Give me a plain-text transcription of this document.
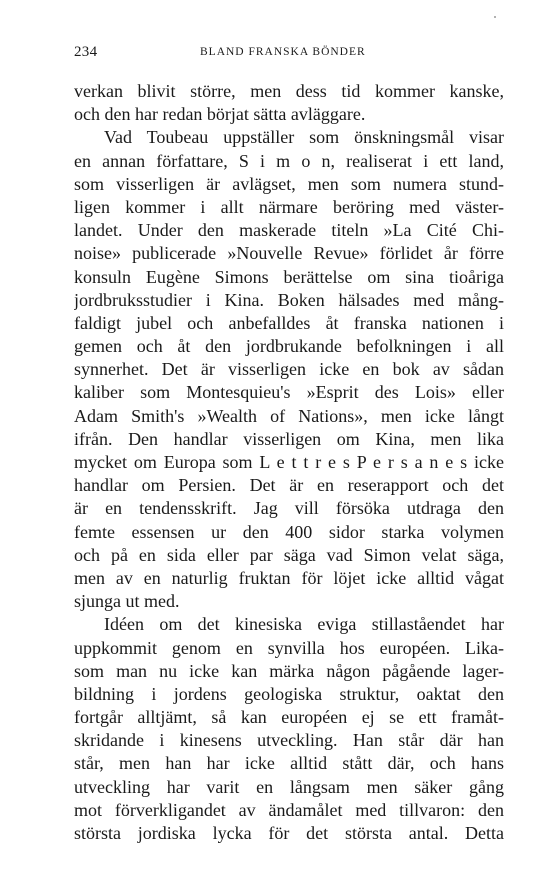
234	BLAND FRANSKA BÖNDER
verkan blivit större, men dess tid kommer kanske,
och den har redan börjat sätta avläggare.
Vad Toubeau uppställer som önskningsmål visar
en annan författare, S i m o n, realiserat i ett land,
som visserligen är avlägset, men som numera stund-
ligen kommer i allt närmare beröring med väster-
landet. Under den maskerade titeln »La Cité Chi-
noise» publicerade »Nouvelle Revue» förlidet år förre
konsuln Eugène Simons berättelse om sina tioåriga
jordbruksstudier i Kina. Boken hälsades med mång-
faldigt jubel och anbefalldes åt franska nationen i
gemen och åt den jordbrukande befolkningen i all
synnerhet. Det är visserligen icke en bok av sådan
kaliber som Montesquieu's »Esprit des Lois» eller
Adam Smith's »Wealth of Nations», men icke långt
ifrån. Den handlar visserligen om Kina, men lika
mycket om Europa som L e t t r e s P e r s a n e s icke
handlar om Persien. Det är en reserapport och det
är en tendensskrift. Jag vill försöka utdraga den
femte essensen ur den 400 sidor starka volymen
och på en sida eller par säga vad Simon velat säga,
men av en naturlig fruktan för löjet icke alltid vågat
sjunga ut med.
Idéen om det kinesiska eviga stillaståendet har
uppkommit genom en synvilla hos européen. Lika-
som man nu icke kan märka någon pågående lager-
bildning i jordens geologiska struktur, oaktat den
fortgår alltjämt, så kan européen ej se ett framåt-
skridande i kinesens utveckling. Han står där han
står, men han har icke alltid stått där, och hans
utveckling har varit en långsam men säker gång
mot förverkligandet av ändamålet med tillvaron: den
största jordiska lycka för det största antal. Detta
